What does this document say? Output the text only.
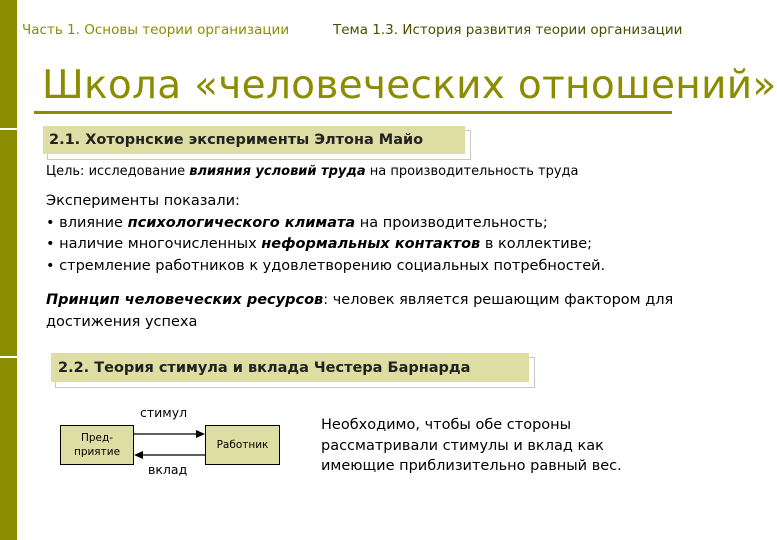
Часть 1. Основы теории организации	Тема 1.3. История развития теории организации
Школа «человеческих отношений»
2.1. Хоторнские эксперименты Элтона Майо
Цель: исследование влияния условий труда на производительность труда
Эксперименты показали:
• влияние психологического климата на производительность;
• наличие многочисленных неформальных контактов в коллективе;
• стремление работников к удовлетворению социальных потребностей.
Принцип человеческих ресурсов: человек является решающим фактором для достижения успеха
2.2. Теория стимула и вклада Честера Барнарда
стимул
Пред-
приятие
Работник
вклад
Необходимо, чтобы обе стороны рассматривали стимулы и вклад как имеющие приблизительно равный вес.
